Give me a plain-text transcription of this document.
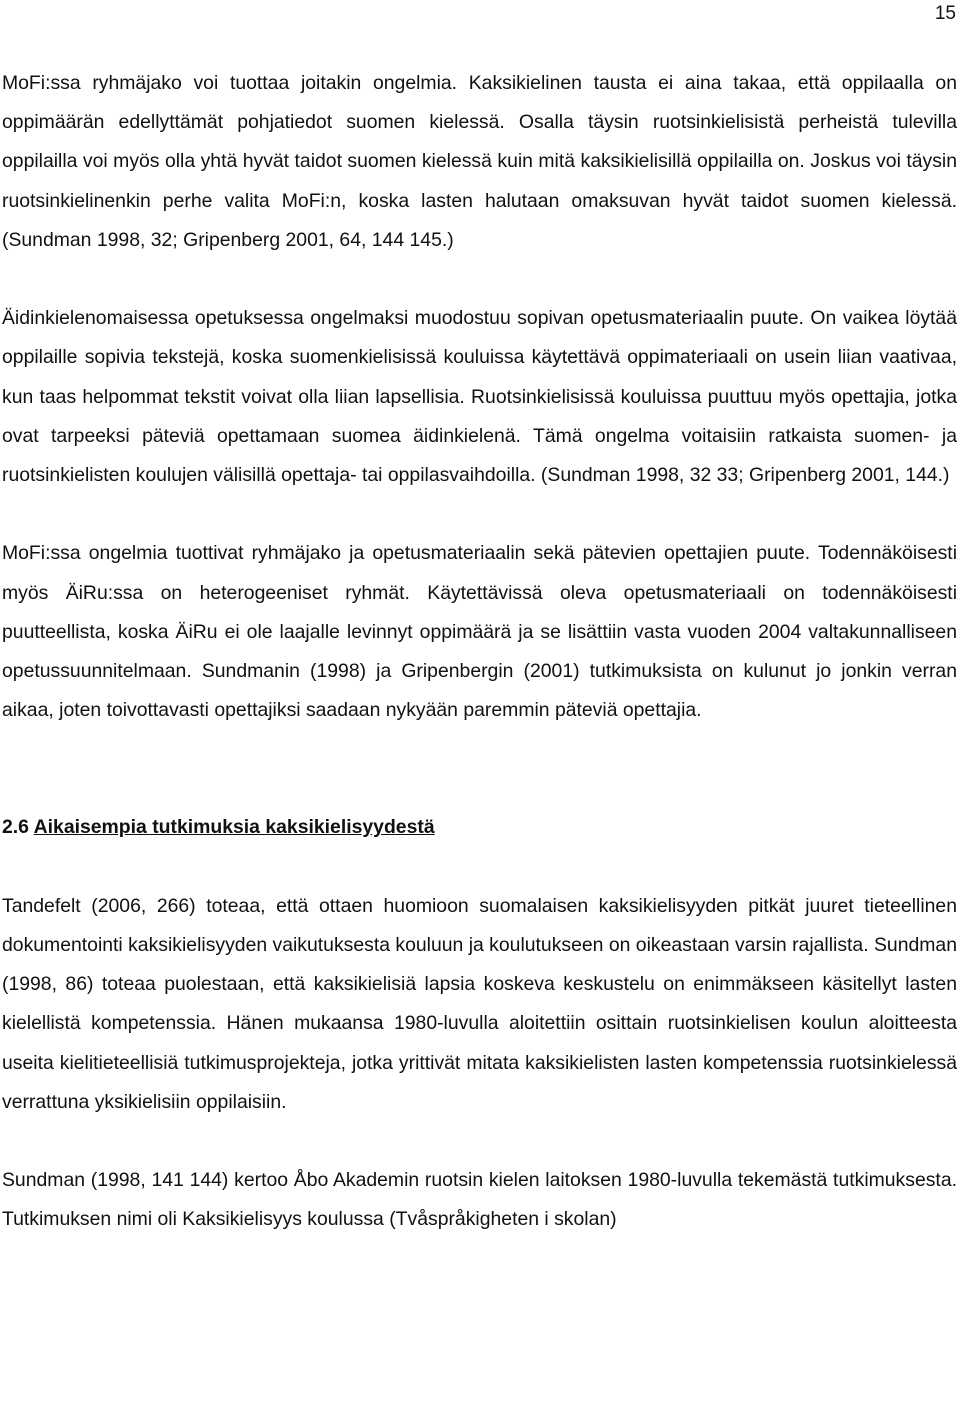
15

MoFi:ssa ryhmäjako voi tuottaa joitakin ongelmia. Kaksikielinen tausta ei aina takaa, että oppilaalla on oppimäärän edellyttämät pohjatiedot suomen kielessä. Osalla täysin ruotsinkielisistä perheistä tulevilla oppilailla voi myös olla yhtä hyvät taidot suomen kielessä kuin mitä kaksikielisillä oppilailla on. Joskus voi täysin ruotsinkielinenkin perhe valita MoFi:n, koska lasten halutaan omaksuvan hyvät taidot suomen kielessä. (Sundman 1998, 32; Gripenberg 2001, 64, 144 145.)

Äidinkielenomaisessa opetuksessa ongelmaksi muodostuu sopivan opetusmateriaalin puute. On vaikea löytää oppilaille sopivia tekstejä, koska suomenkielisissä kouluissa käytettävä oppimateriaali on usein liian vaativaa, kun taas helpommat tekstit voivat olla liian lapsellisia. Ruotsinkielisissä kouluissa puuttuu myös opettajia, jotka ovat tarpeeksi päteviä opettamaan suomea äidinkielenä. Tämä ongelma voitaisiin ratkaista suomen- ja ruotsinkielisten koulujen välisillä opettaja- tai oppilasvaihdoilla. (Sundman 1998, 32 33; Gripenberg 2001, 144.)

MoFi:ssa ongelmia tuottivat ryhmäjako ja opetusmateriaalin sekä pätevien opettajien puute. Todennäköisesti myös ÄiRu:ssa on heterogeeniset ryhmät. Käytettävissä oleva opetusmateriaali on todennäköisesti puutteellista, koska ÄiRu ei ole laajalle levinnyt oppimäärä ja se lisättiin vasta vuoden 2004 valtakunnalliseen opetussuunnitelmaan. Sundmanin (1998) ja Gripenbergin (2001) tutkimuksista on kulunut jo jonkin verran aikaa, joten toivottavasti opettajiksi saadaan nykyään paremmin päteviä opettajia.

2.6 Aikaisempia tutkimuksia kaksikielisyydestä

Tandefelt (2006, 266) toteaa, että ottaen huomioon suomalaisen kaksikielisyyden pitkät juuret tieteellinen dokumentointi kaksikielisyyden vaikutuksesta kouluun ja koulutukseen on oikeastaan varsin rajallista. Sundman (1998, 86) toteaa puolestaan, että kaksikielisiä lapsia koskeva keskustelu on enimmäkseen käsitellyt lasten kielellistä kompetenssia. Hänen mukaansa 1980-luvulla aloitettiin osittain ruotsinkielisen koulun aloitteesta useita kielitieteellisiä tutkimusprojekteja, jotka yrittivät mitata kaksikielisten lasten kompetenssia ruotsinkielessä verrattuna yksikielisiin oppilaisiin.

Sundman (1998, 141 144) kertoo Åbo Akademin ruotsin kielen laitoksen 1980-luvulla tekemästä tutkimuksesta. Tutkimuksen nimi oli Kaksikielisyys koulussa (Tvåspråkigheten i skolan)
